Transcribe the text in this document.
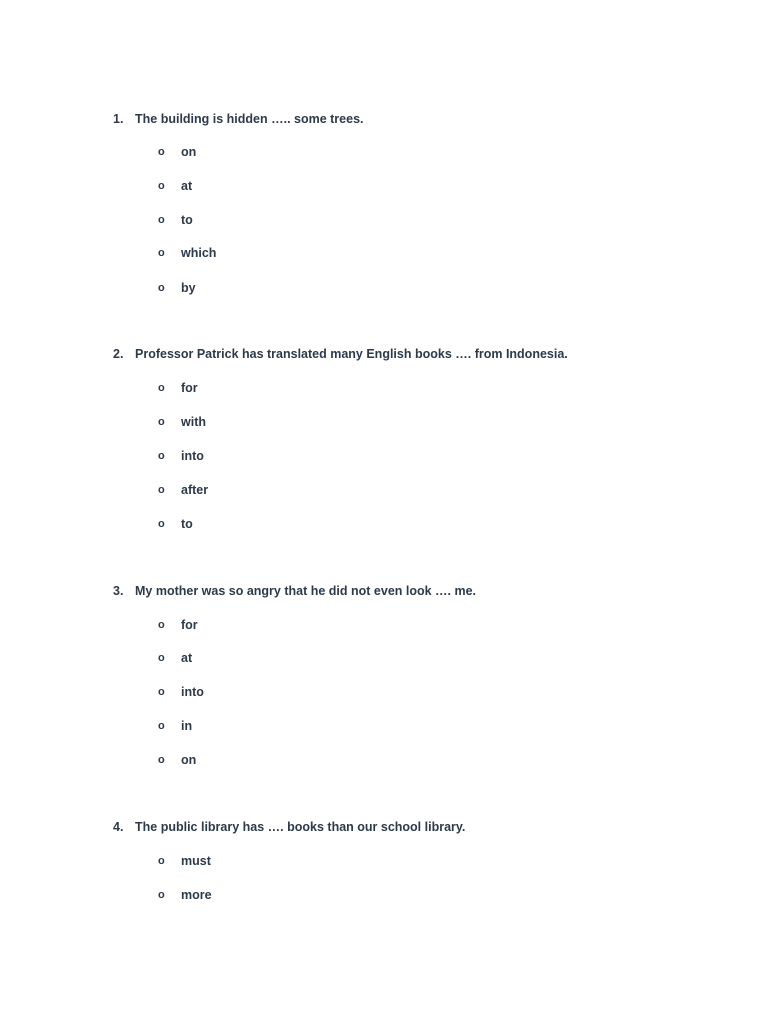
1. The building is hidden ….. some trees.
o on
o at
o to
o which
o by
2. Professor Patrick has translated many English books …. from Indonesia.
o for
o with
o into
o after
o to
3. My mother was so angry that he did not even look …. me.
o for
o at
o into
o in
o on
4. The public library has …. books than our school library.
o must
o more
